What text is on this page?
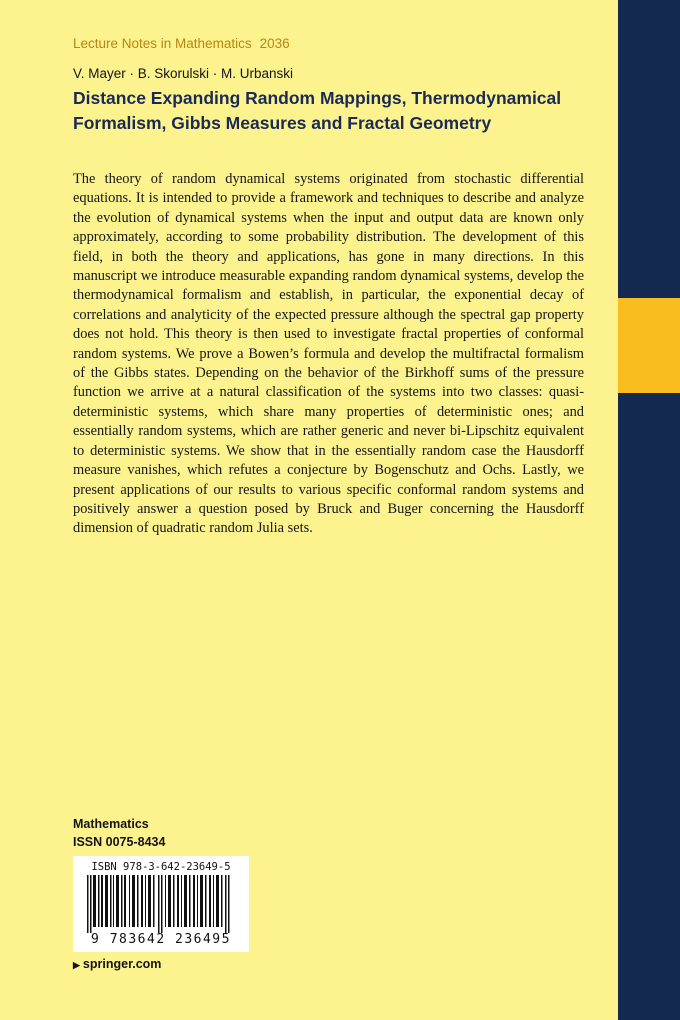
Lecture Notes in Mathematics 2036
V. Mayer · B. Skorulski · M. Urbanski
Distance Expanding Random Mappings, Thermodynamical Formalism, Gibbs Measures and Fractal Geometry
The theory of random dynamical systems originated from stochastic differential equations. It is intended to provide a framework and techniques to describe and analyze the evolution of dynamical systems when the input and output data are known only approximately, according to some probability distribution. The development of this field, in both the theory and applications, has gone in many directions. In this manuscript we introduce measurable expanding random dynamical systems, develop the thermodynamical formalism and establish, in particular, the exponential decay of correlations and analyticity of the expected pressure although the spectral gap property does not hold. This theory is then used to investigate fractal properties of conformal random systems. We prove a Bowen’s formula and develop the multifractal formalism of the Gibbs states. Depending on the behavior of the Birkhoff sums of the pressure function we arrive at a natural classification of the systems into two classes: quasi-deterministic systems, which share many properties of deterministic ones; and essentially random systems, which are rather generic and never bi-Lipschitz equivalent to deterministic systems. We show that in the essentially random case the Hausdorff measure vanishes, which refutes a conjecture by Bogenschutz and Ochs. Lastly, we present applications of our results to various specific conformal random systems and positively answer a question posed by Bruck and Buger concerning the Hausdorff dimension of quadratic random Julia sets.
Mathematics
ISSN 0075-8434
ISBN 978-3-642-23649-5
9 783642 236495
▶ springer.com
